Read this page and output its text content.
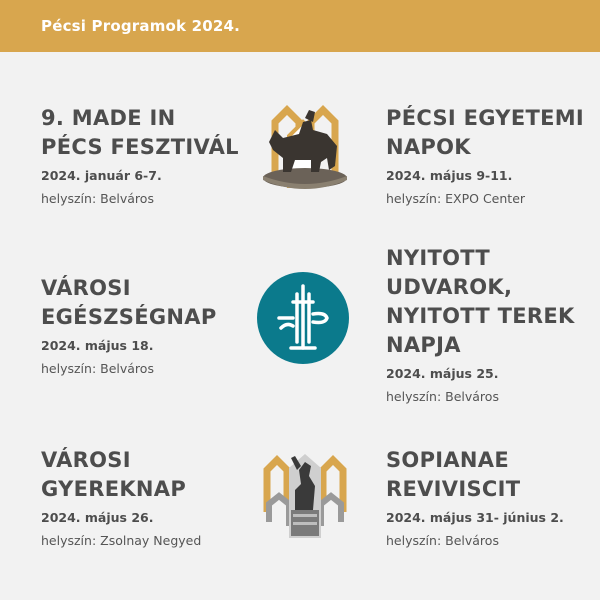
Pécsi Programok 2024.
9. MADE IN
PÉCS FESZTIVÁL
2024. január 6-7.
helyszín: Belváros
PÉCSI EGYETEMI
NAPOK
2024. május 9-11.
helyszín: EXPO Center
VÁROSI
EGÉSZSÉGNAP
2024. május 18.
helyszín: Belváros
NYITOTT
UDVAROK,
NYITOTT TEREK
NAPJA
2024. május 25.
helyszín: Belváros
VÁROSI
GYEREKNAP
2024. május 26.
helyszín: Zsolnay Negyed
SOPIANAE
REVIVISCIT
2024. május 31- június 2.
helyszín: Belváros
